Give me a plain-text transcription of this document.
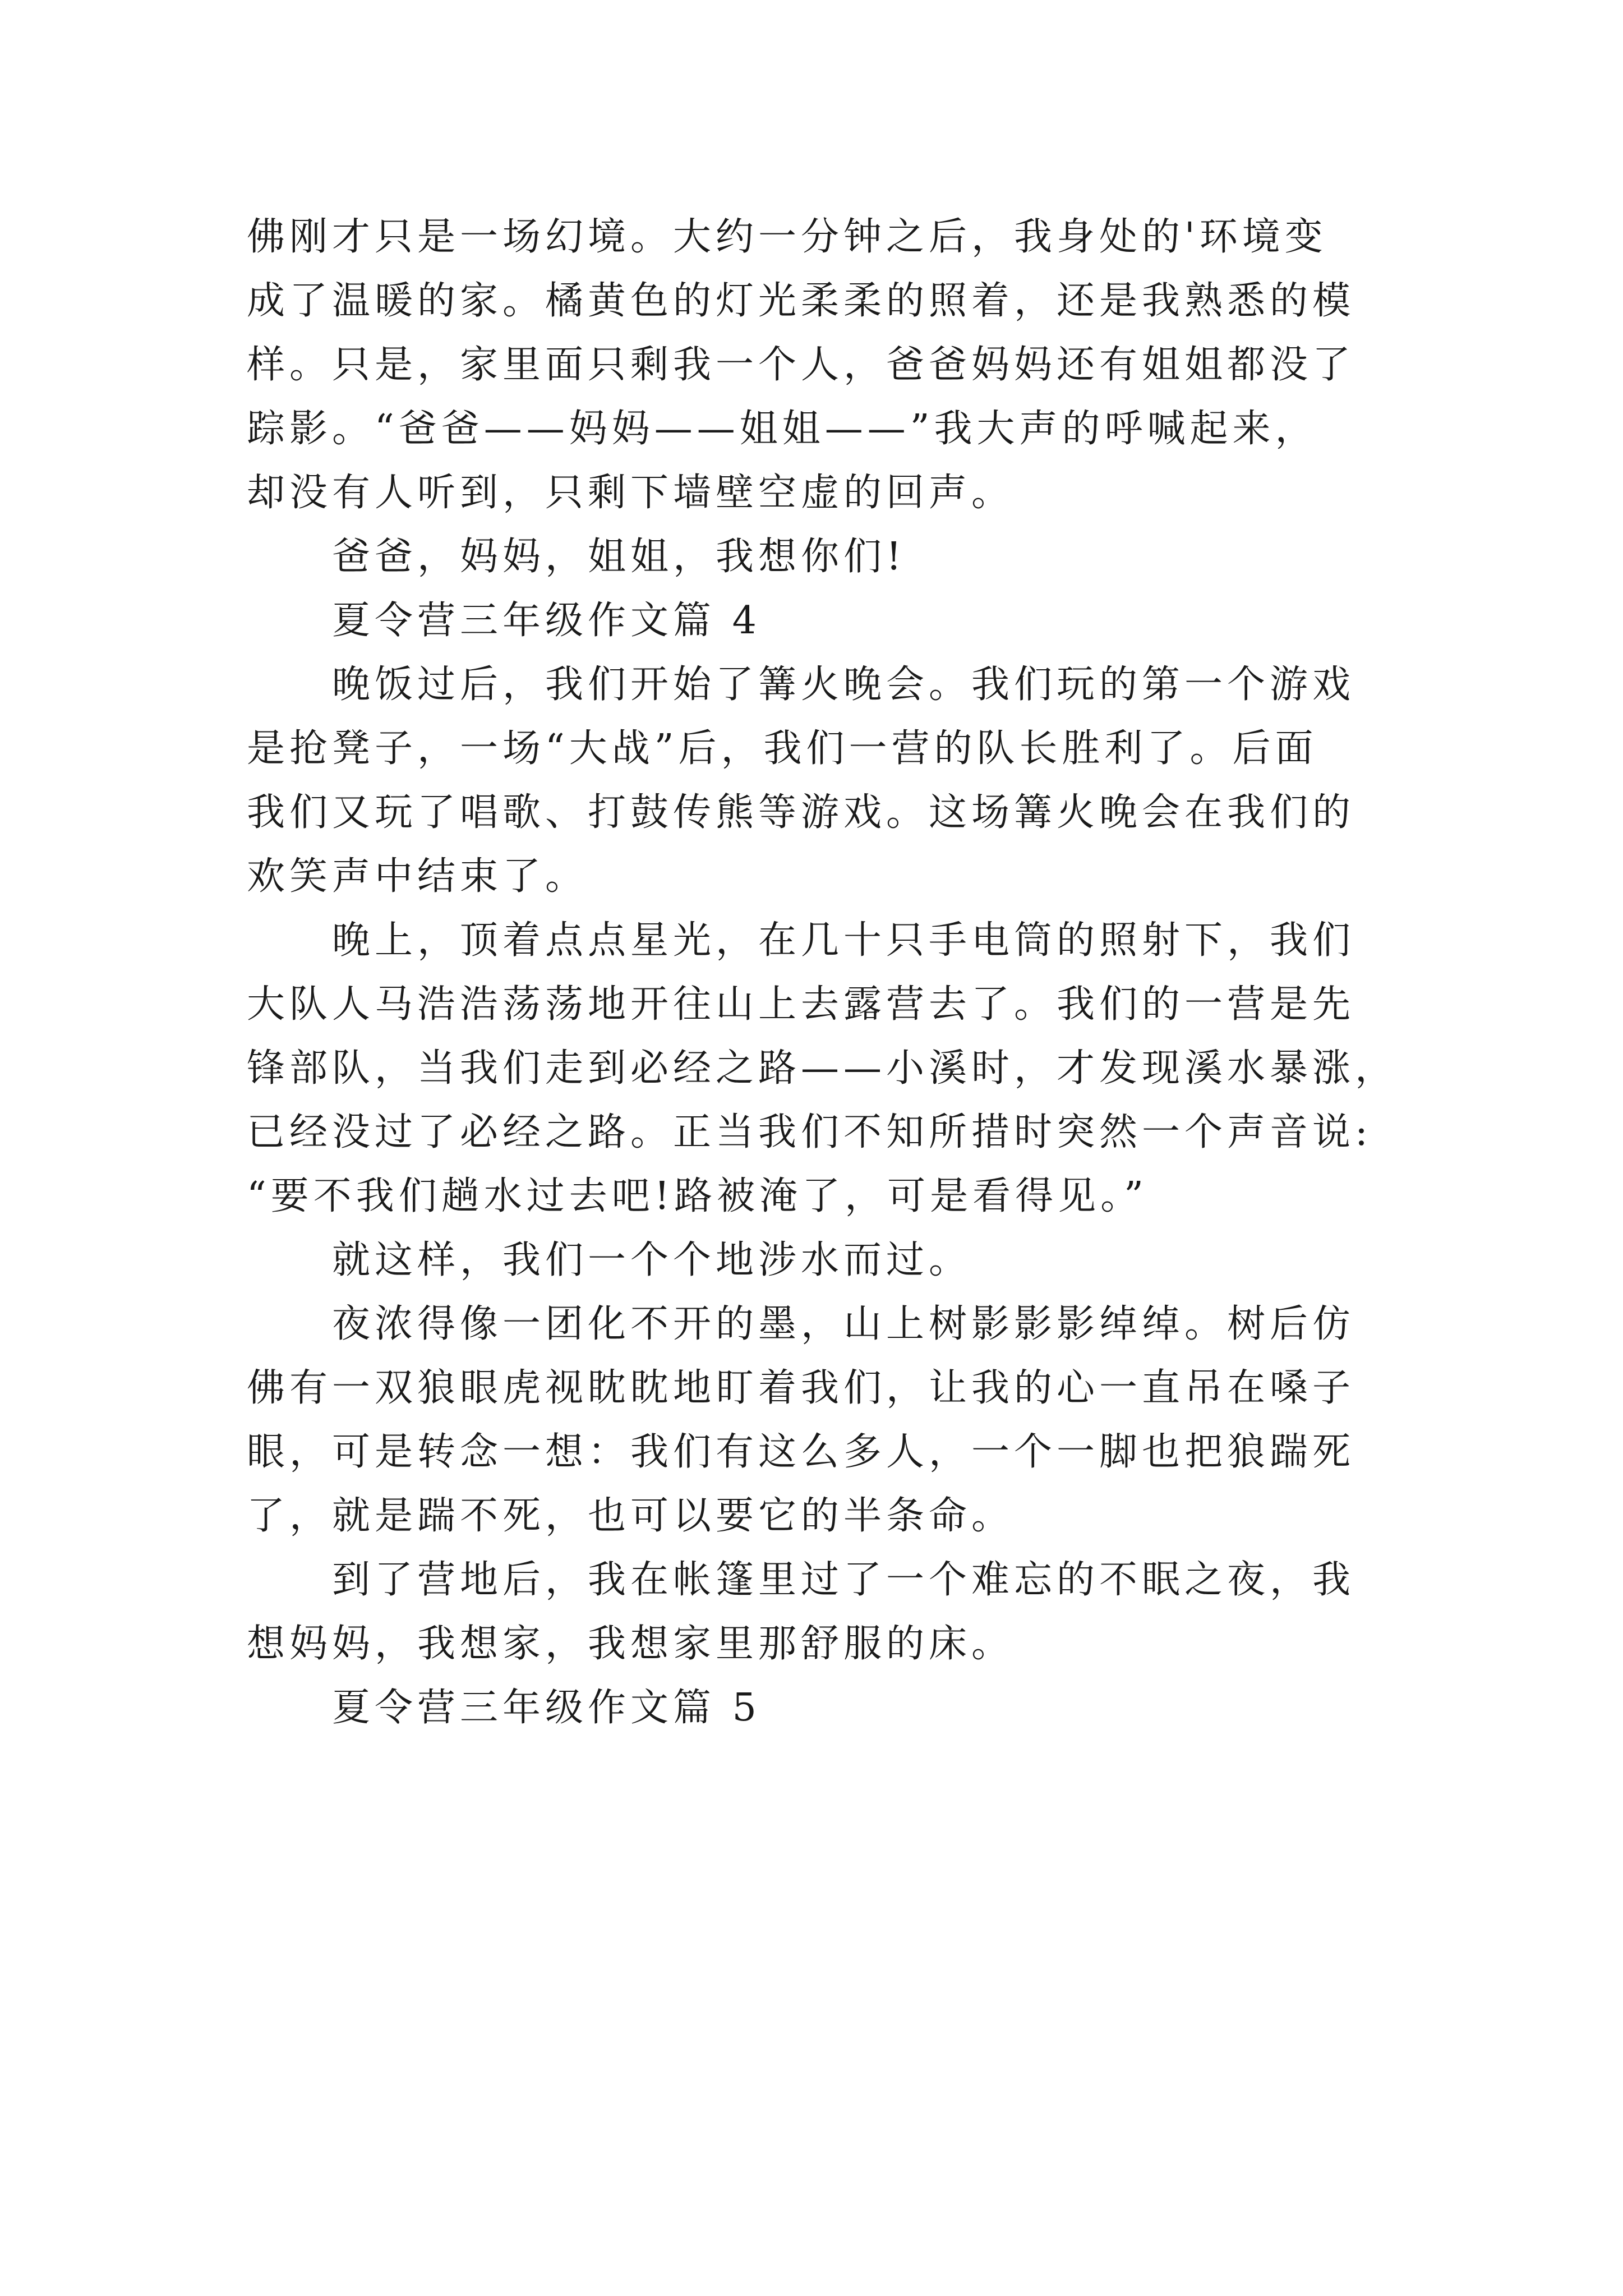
佛刚才只是一场幻境。大约一分钟之后，我身处的'环境变
成了温暖的家。橘黄色的灯光柔柔的照着，还是我熟悉的模
样。只是，家里面只剩我一个人，爸爸妈妈还有姐姐都没了
踪影。“爸爸——妈妈——姐姐——”我大声的呼喊起来，
却没有人听到，只剩下墙壁空虚的回声。
爸爸，妈妈，姐姐，我想你们!
夏令营三年级作文篇 4
晚饭过后，我们开始了篝火晚会。我们玩的第一个游戏
是抢凳子，一场“大战”后，我们一营的队长胜利了。后面
我们又玩了唱歌、打鼓传熊等游戏。这场篝火晚会在我们的
欢笑声中结束了。
晚上，顶着点点星光，在几十只手电筒的照射下，我们
大队人马浩浩荡荡地开往山上去露营去了。我们的一营是先
锋部队，当我们走到必经之路——小溪时，才发现溪水暴涨，
已经没过了必经之路。正当我们不知所措时突然一个声音说:
“要不我们趟水过去吧!路被淹了，可是看得见。”
就这样，我们一个个地涉水而过。
夜浓得像一团化不开的墨，山上树影影影绰绰。树后仿
佛有一双狼眼虎视眈眈地盯着我们，让我的心一直吊在嗓子
眼，可是转念一想：我们有这么多人，一个一脚也把狼踹死
了，就是踹不死，也可以要它的半条命。
到了营地后，我在帐篷里过了一个难忘的不眠之夜，我
想妈妈，我想家，我想家里那舒服的床。
夏令营三年级作文篇 5
